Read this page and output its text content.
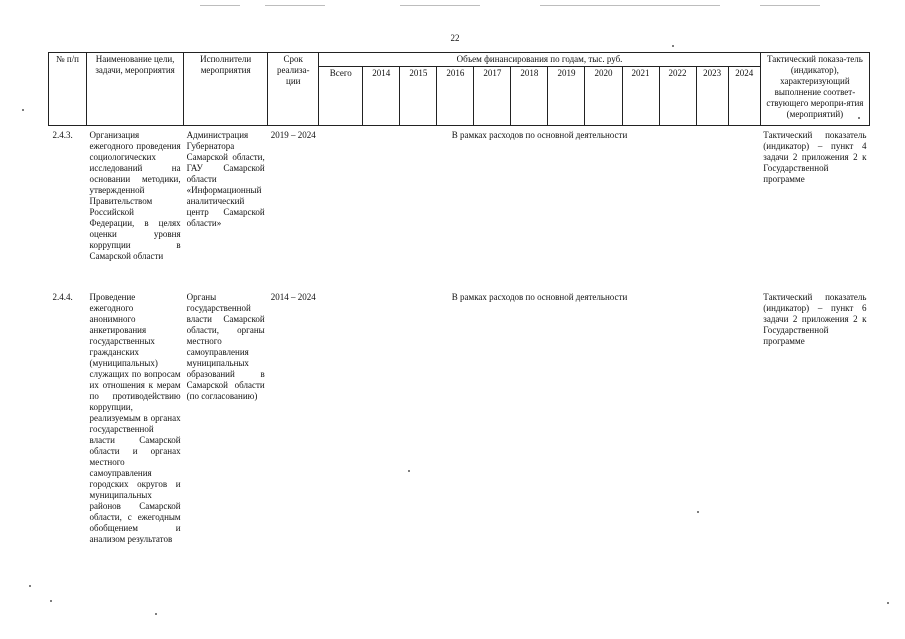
22
№ п/п	Наименование цели, задачи, мероприятия	Исполнители мероприятия	Срок реализа-ции	Объем финансирования по годам, тыс. руб.												Тактический показа-тель (индикатор), характеризующий выполнение соответ-ствующего меропри-ятия (мероприятий)
				Всего	2014	2015	2016	2017	2018	2019	2020	2021	2022	2023	2024	
2.4.3.	Организация ежегодного проведения социологических исследований на основании методики, утвержденной Правительством Российской Федерации, в целях оценки уровня коррупции в Самарской области	Администрация Губернатора Самарской области, ГАУ Самарской области «Информационный аналитический центр Самарской области»	2019 – 2024	В рамках расходов по основной деятельности												Тактический показатель (индикатор) – пункт 4 задачи 2 приложения 2 к Государственной программе
2.4.4.	Проведение ежегодного анонимного анкетирования государственных гражданских (муниципальных) служащих по вопросам их отношения к мерам по противодействию коррупции, реализуемым в органах государственной власти Самарской области и органах местного самоуправления городских округов и муниципальных районов Самарской области, с ежегодным обобщением и анализом результатов	Органы государственной власти Самарской области, органы местного самоуправления муниципальных образований в Самарской области (по согласованию)	2014 – 2024	В рамках расходов по основной деятельности												Тактический показатель (индикатор) – пункт 6 задачи 2 приложения 2 к Государственной программе
